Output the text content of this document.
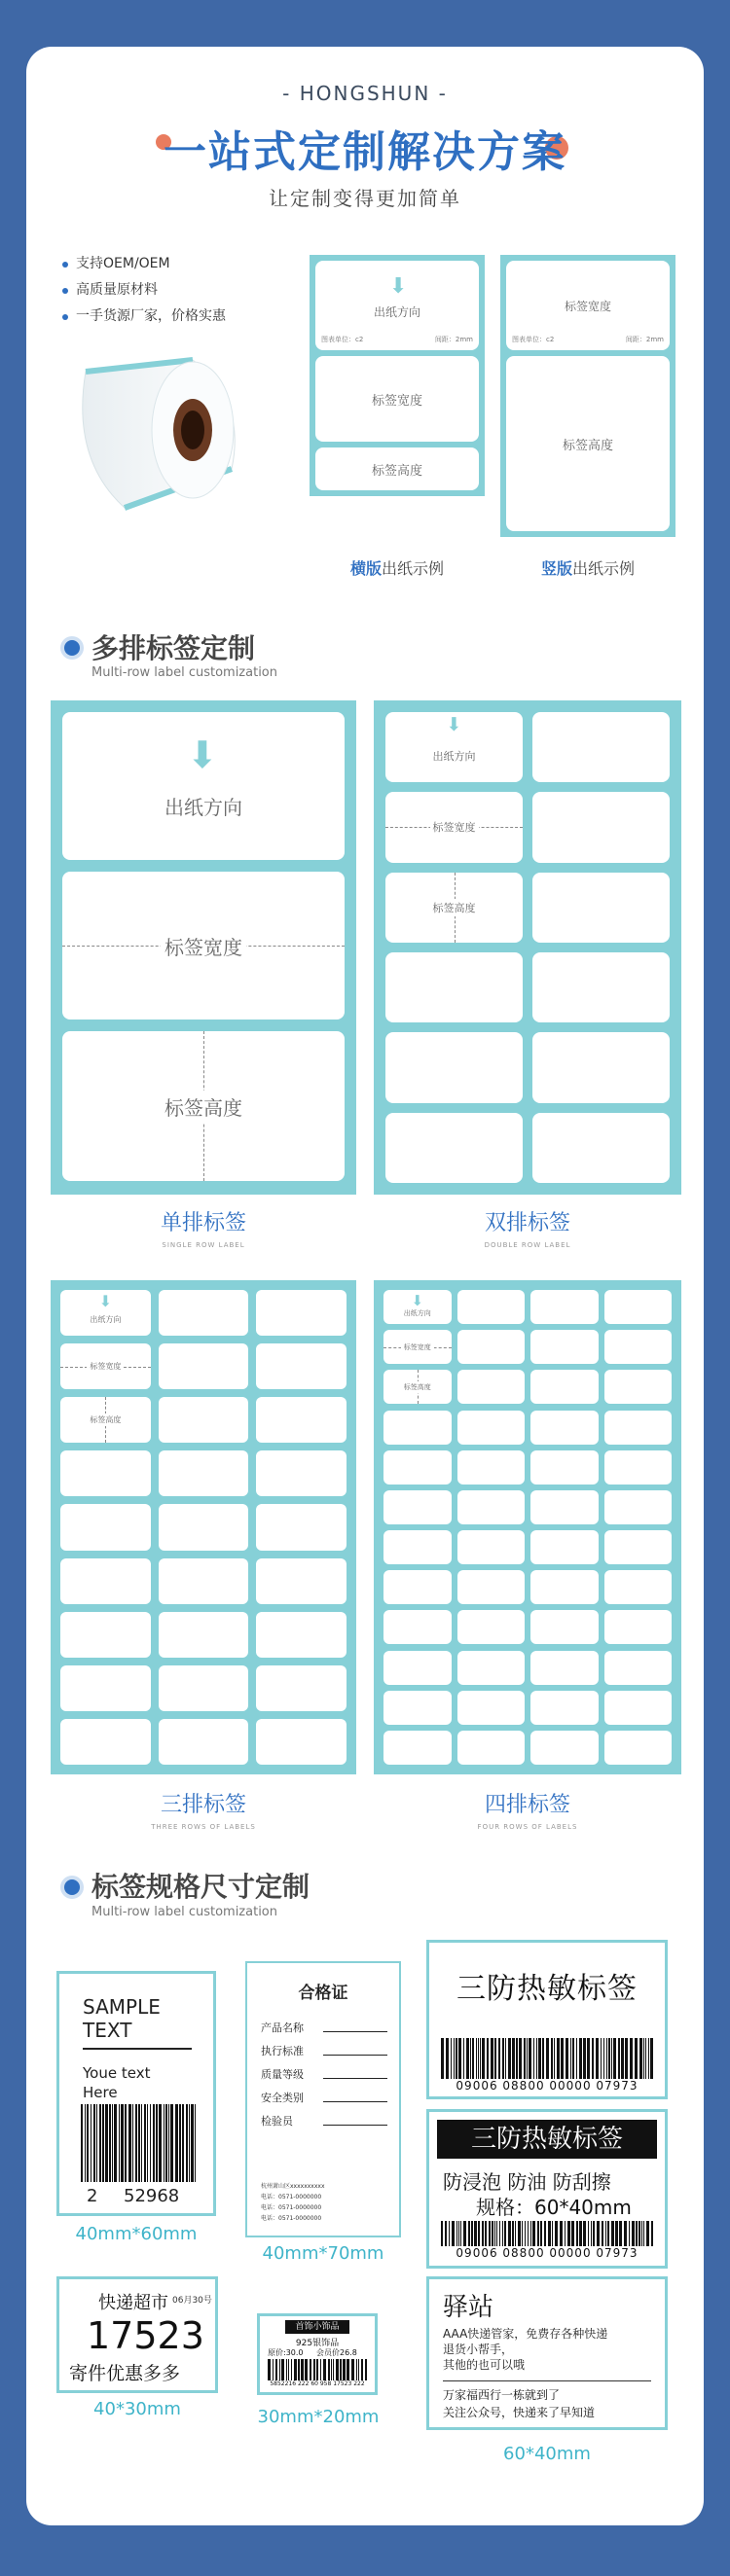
- HONGSHUN -
一站式定制解决方案
让定制变得更加简单
支持OEM/OEM
高质量原材料
一手货源厂家，价格实惠
⬇
出纸方向
图表单位：c2	间距：2mm
标签宽度
标签高度
横版出纸示例
标签宽度
图表单位：c2	间距：2mm
标签高度
竖版出纸示例
多排标签定制
Multi-row label customization
⬇
出纸方向
标签宽度
标签高度
单排标签
SINGLE ROW LABEL
⬇
出纸方向
标签宽度
标签高度
双排标签
DOUBLE ROW LABEL
⬇
出纸方向
标签宽度
标签高度
三排标签
THREE ROWS OF LABELS
⬇
出纸方向
标签宽度
标签高度
四排标签
FOUR ROWS OF LABELS
标签规格尺寸定制
Multi-row label customization
SAMPLE
TEXT
Youe text
Here
2 52968
40mm*60mm
合格证
产品名称
执行标准
质量等级
安全类别
检验员
杭州萧山区xxxxxxxxxx
电话：0571-0000000
电话：0571-0000000
电话：0571-0000000
40mm*70mm
三防热敏标签
09006 08800 00000 07973
三防热敏标签
防浸泡 防油 防刮擦
规格：60*40mm
09006 08800 00000 07973
快递超市 06月30号
17523
寄件优惠多多
40*30mm
首饰小饰品
925银饰品
原价:30.0 会员价26.8
5852216 222 60 958 17523 222
30mm*20mm
驿站
AAA快递管家，免费存各种快递
退货小帮手，
其他的也可以哦
万家福西行一栋就到了
关注公众号，快递来了早知道
60*40mm
